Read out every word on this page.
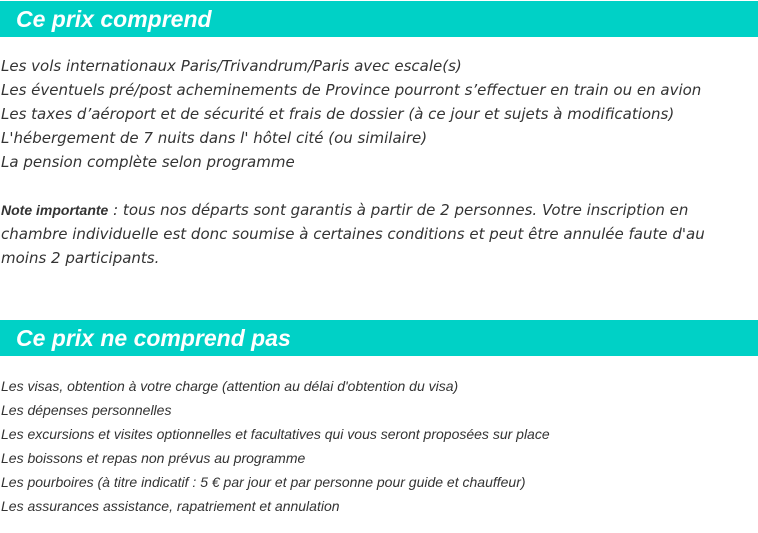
Ce prix comprend
Les vols internationaux Paris/Trivandrum/Paris avec escale(s)
Les éventuels pré/post acheminements de Province pourront s’effectuer en train ou en avion
Les taxes d’aéroport et de sécurité et frais de dossier (à ce jour et sujets à modifications)
L'hébergement de 7 nuits dans l' hôtel cité (ou similaire)
La pension complète selon programme
Note importante : tous nos départs sont garantis à partir de 2 personnes. Votre inscription en
chambre individuelle est donc soumise à certaines conditions et peut être annulée faute d'au
moins 2 participants.
Ce prix ne comprend pas
Les visas, obtention à votre charge (attention au délai d'obtention du visa)
Les dépenses personnelles
Les excursions et visites optionnelles et facultatives qui vous seront proposées sur place
Les boissons et repas non prévus au programme
Les pourboires (à titre indicatif : 5 € par jour et par personne pour guide et chauffeur)
Les assurances assistance, rapatriement et annulation
